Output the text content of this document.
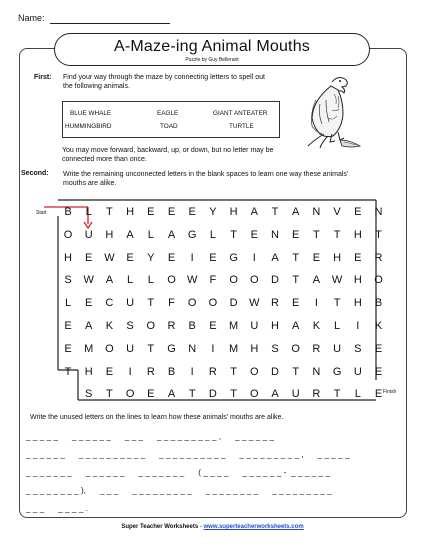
Name:
A-Maze-ing Animal Mouths
Puzzle by Guy Bellerant
First: Find your way through the maze by connecting letters to spell out the following animals.
BLUE WHALE	EAGLE	GIANT ANTEATER
HUMMINGBIRD	TOAD	TURTLE
You may move forward, backward, up, or down, but no letter may be connected more than once.
Second: Write the remaining unconnected letters in the blank spaces to learn one way these animals' mouths are alike.
Start
Finish
B	L	T	H	E	E	E	Y	H	A	T	A	N	V	E	N
O	U	H	A	L	A	G	L	T	E	N	E	T	T	H	T
H	E	W	E	Y	E	I	E	G	I	A	T	E	H	E	R
S	W	A	L	L	O	W	F	O	O	D	T	A	W	H	O
L	E	C	U	T	F	O	O	D	W	R	E	I	T	H	B
E	A	K	S	O	R	B	E	M	U	H	A	K	L	I	K
E	M	O	U	T	G	N	I	M	H	S	O	R	U	S	E
T	H	E	I	R	B	I	R	T	O	D	T	N	G	U	E
S	T	O	E	A	T	D	T	O	A	U	R	T	L	E
Write the unused letters on the lines to learn how these animals' mouths are alike.
_ _ _ _ _      _ _ _ _ _ _      _ _ _      _ _ _ _ _ _ _ _ _ ,      _ _ _ _ _ _
_ _ _ _ _ _      _ _ _ _ _ _ _ _ _ _      _ _ _ _ _ _ _ _ _ _      _ _ _ _ _ _ _ _ _ ,      _ _ _ _ _
_ _ _ _ _ _ _      _ _ _ _ _ _      _ _ _ _ _ _ _      ( _ _ _ _      _ _ _ _ _ _ -  _ _ _ _ _ _
_ _ _ _ _ _ _ _ ),      _ _ _      _ _ _ _ _ _ _ _ _      _ _ _ _ _ _ _ _      _ _ _ _ _ _ _ _ _
_ _ _      _ _ _ _ .
Super Teacher Worksheets - www.superteacherworksheets.com
